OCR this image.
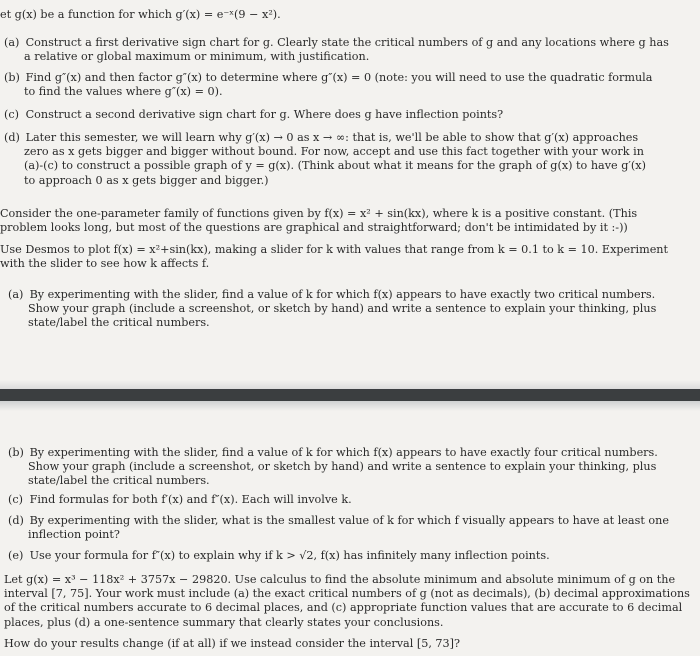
et g(x) be a function for which g′(x) = e⁻ˣ(9 − x²).
(a) Construct a first derivative sign chart for g. Clearly state the critical numbers of g and any locations where g has
a relative or global maximum or minimum, with justification.
(b) Find g″(x) and then factor g″(x) to determine where g″(x) = 0 (note: you will need to use the quadratic formula
to find the values where g″(x) = 0).
(c) Construct a second derivative sign chart for g. Where does g have inflection points?
(d) Later this semester, we will learn why g′(x) → 0 as x → ∞: that is, we'll be able to show that g′(x) approaches
zero as x gets bigger and bigger without bound. For now, accept and use this fact together with your work in
(a)-(c) to construct a possible graph of y = g(x). (Think about what it means for the graph of g(x) to have g′(x)
to approach 0 as x gets bigger and bigger.)
Consider the one-parameter family of functions given by f(x) = x² + sin(kx), where k is a positive constant. (This
problem looks long, but most of the questions are graphical and straightforward; don't be intimidated by it :-))
Use Desmos to plot f(x) = x²+sin(kx), making a slider for k with values that range from k = 0.1 to k = 10. Experiment
with the slider to see how k affects f.
(a) By experimenting with the slider, find a value of k for which f(x) appears to have exactly two critical numbers.
Show your graph (include a screenshot, or sketch by hand) and write a sentence to explain your thinking, plus
state/label the critical numbers.
(b) By experimenting with the slider, find a value of k for which f(x) appears to have exactly four critical numbers.
Show your graph (include a screenshot, or sketch by hand) and write a sentence to explain your thinking, plus
state/label the critical numbers.
(c) Find formulas for both f′(x) and f″(x). Each will involve k.
(d) By experimenting with the slider, what is the smallest value of k for which f visually appears to have at least one
inflection point?
(e) Use your formula for f″(x) to explain why if k > √2, f(x) has infinitely many inflection points.
Let g(x) = x³ − 118x² + 3757x − 29820. Use calculus to find the absolute minimum and absolute minimum of g on the
interval [7, 75]. Your work must include (a) the exact critical numbers of g (not as decimals), (b) decimal approximations
of the critical numbers accurate to 6 decimal places, and (c) appropriate function values that are accurate to 6 decimal
places, plus (d) a one-sentence summary that clearly states your conclusions.
How do your results change (if at all) if we instead consider the interval [5, 73]?
